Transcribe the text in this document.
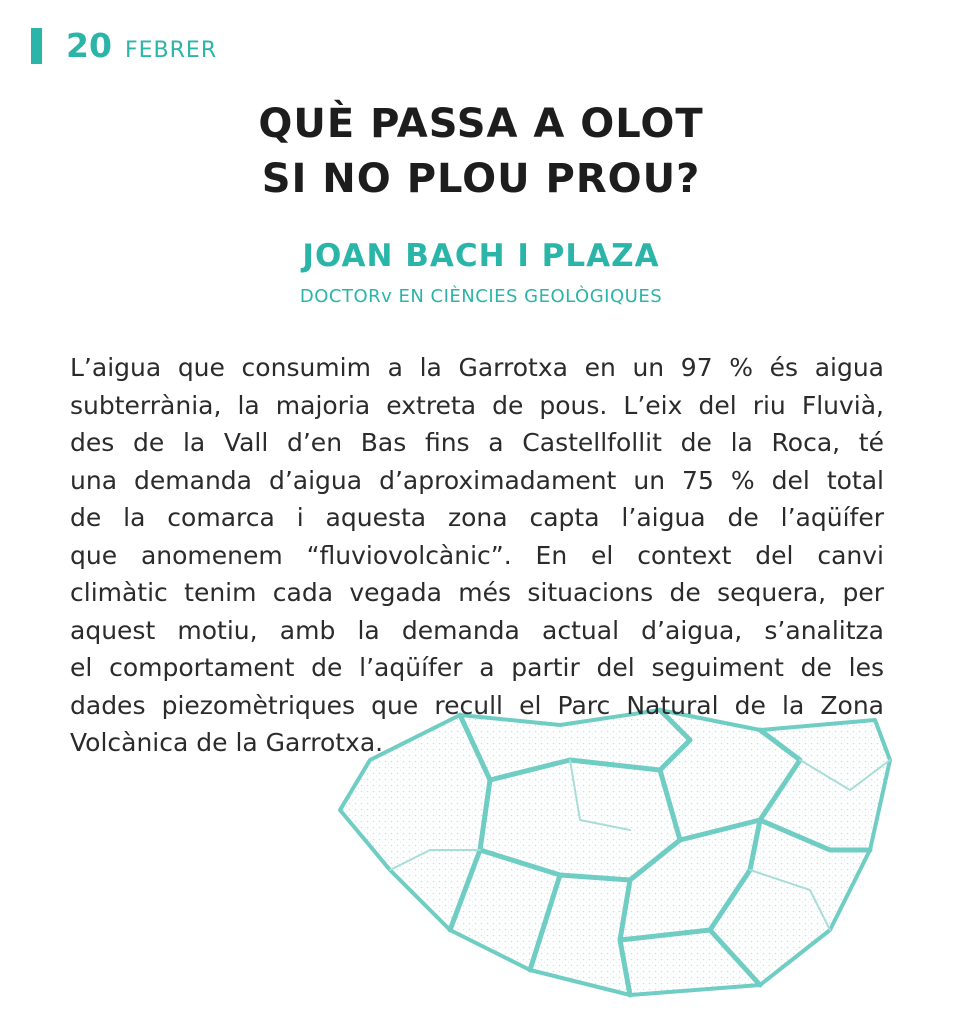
20 FEBRER
QUÈ PASSA A OLOT
SI NO PLOU PROU?
JOAN BACH I PLAZA
DOCTORv EN CIÈNCIES GEOLÒGIQUES
L’aigua que consumim a la Garrotxa en un 97 % és aigua
subterrània, la majoria extreta de pous. L’eix del riu Fluvià,
des de la Vall d’en Bas fins a Castellfollit de la Roca, té
una demanda d’aigua d’aproximadament un 75 % del total
de la comarca i aquesta zona capta l’aigua de l’aqüífer
que anomenem “fluviovolcànic”. En el context del canvi
climàtic tenim cada vegada més situacions de sequera, per
aquest motiu, amb la demanda actual d’aigua, s’analitza
el comportament de l’aqüífer a partir del seguiment de les
dades piezomètriques que recull el Parc Natural de la Zona
Volcànica de la Garrotxa.
